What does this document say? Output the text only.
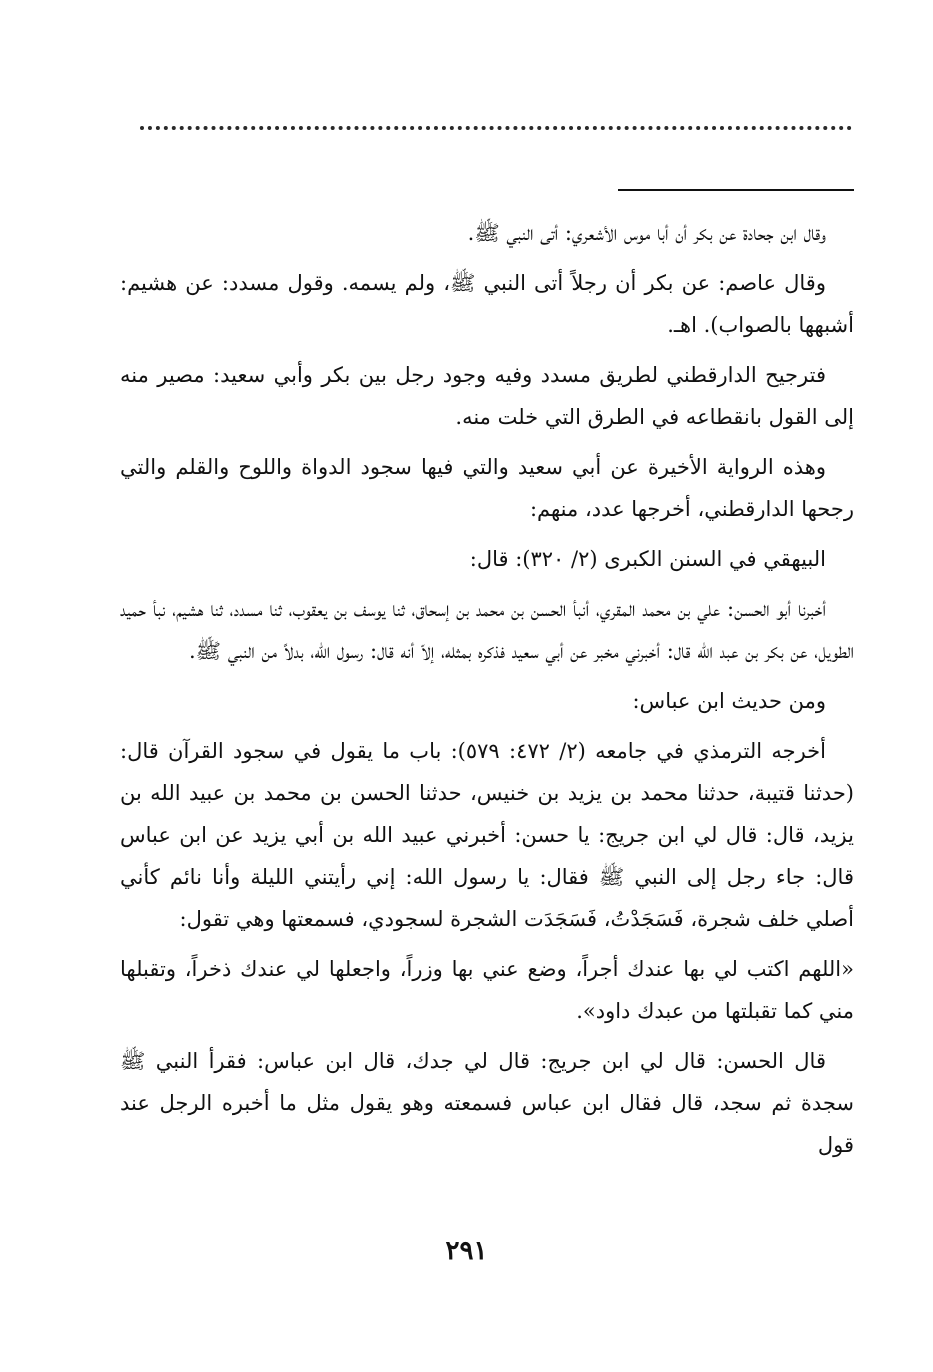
وقال ابن جحادة عن بكر أن أبا موس الأشعري: أتى النبي ﷺ.

وقال عاصم: عن بكر أن رجلاً أتى النبي ﷺ، ولم يسمه. وقول مسدد: عن هشيم: أشبهها بالصواب). اهـ.

فترجيح الدارقطني لطريق مسدد وفيه وجود رجل بين بكر وأبي سعيد: مصير منه إلى القول بانقطاعه في الطرق التي خلت منه.

وهذه الرواية الأخيرة عن أبي سعيد والتي فيها سجود الدواة واللوح والقلم والتي رجحها الدارقطني، أخرجها عدد، منهم:

البيهقي في السنن الكبرى (٢/ ٣٢٠): قال:

أخبرنا أبو الحسن: علي بن محمد المقري، أنبأ الحسن بن محمد بن إسحاق، ثنا يوسف بن يعقوب، ثنا مسدد، ثنا هشيم، نبأ حميد الطويل، عن بكر بن عبد الله قال: أخبرني مخبر عن أبي سعيد فذكره بمثله، إلاّ أنه قال: رسول الله، بدلاً من النبي ﷺ.

ومن حديث ابن عباس:

أخرجه الترمذي في جامعه (٢/ ٤٧٢: ٥٧٩): باب ما يقول في سجود القرآن قال: (حدثنا قتيبة، حدثنا محمد بن يزيد بن خنيس، حدثنا الحسن بن محمد بن عبيد الله بن يزيد، قال: قال لي ابن جريج: يا حسن: أخبرني عبيد الله بن أبي يزيد عن ابن عباس قال: جاء رجل إلى النبي ﷺ فقال: يا رسول الله: إني رأيتني الليلة وأنا نائم كأني أصلي خلف شجرة، فَسَجَدْتُ، فَسَجَدَت الشجرة لسجودي، فسمعتها وهي تقول:

«اللهم اكتب لي بها عندك أجراً، وضع عني بها وزراً، واجعلها لي عندك ذخراً، وتقبلها مني كما تقبلتها من عبدك داود».

قال الحسن: قال لي ابن جريج: قال لي جدك، قال ابن عباس: فقرأ النبي ﷺ سجدة ثم سجد، قال فقال ابن عباس فسمعته وهو يقول مثل ما أخبره الرجل عند قول

٢٩١
